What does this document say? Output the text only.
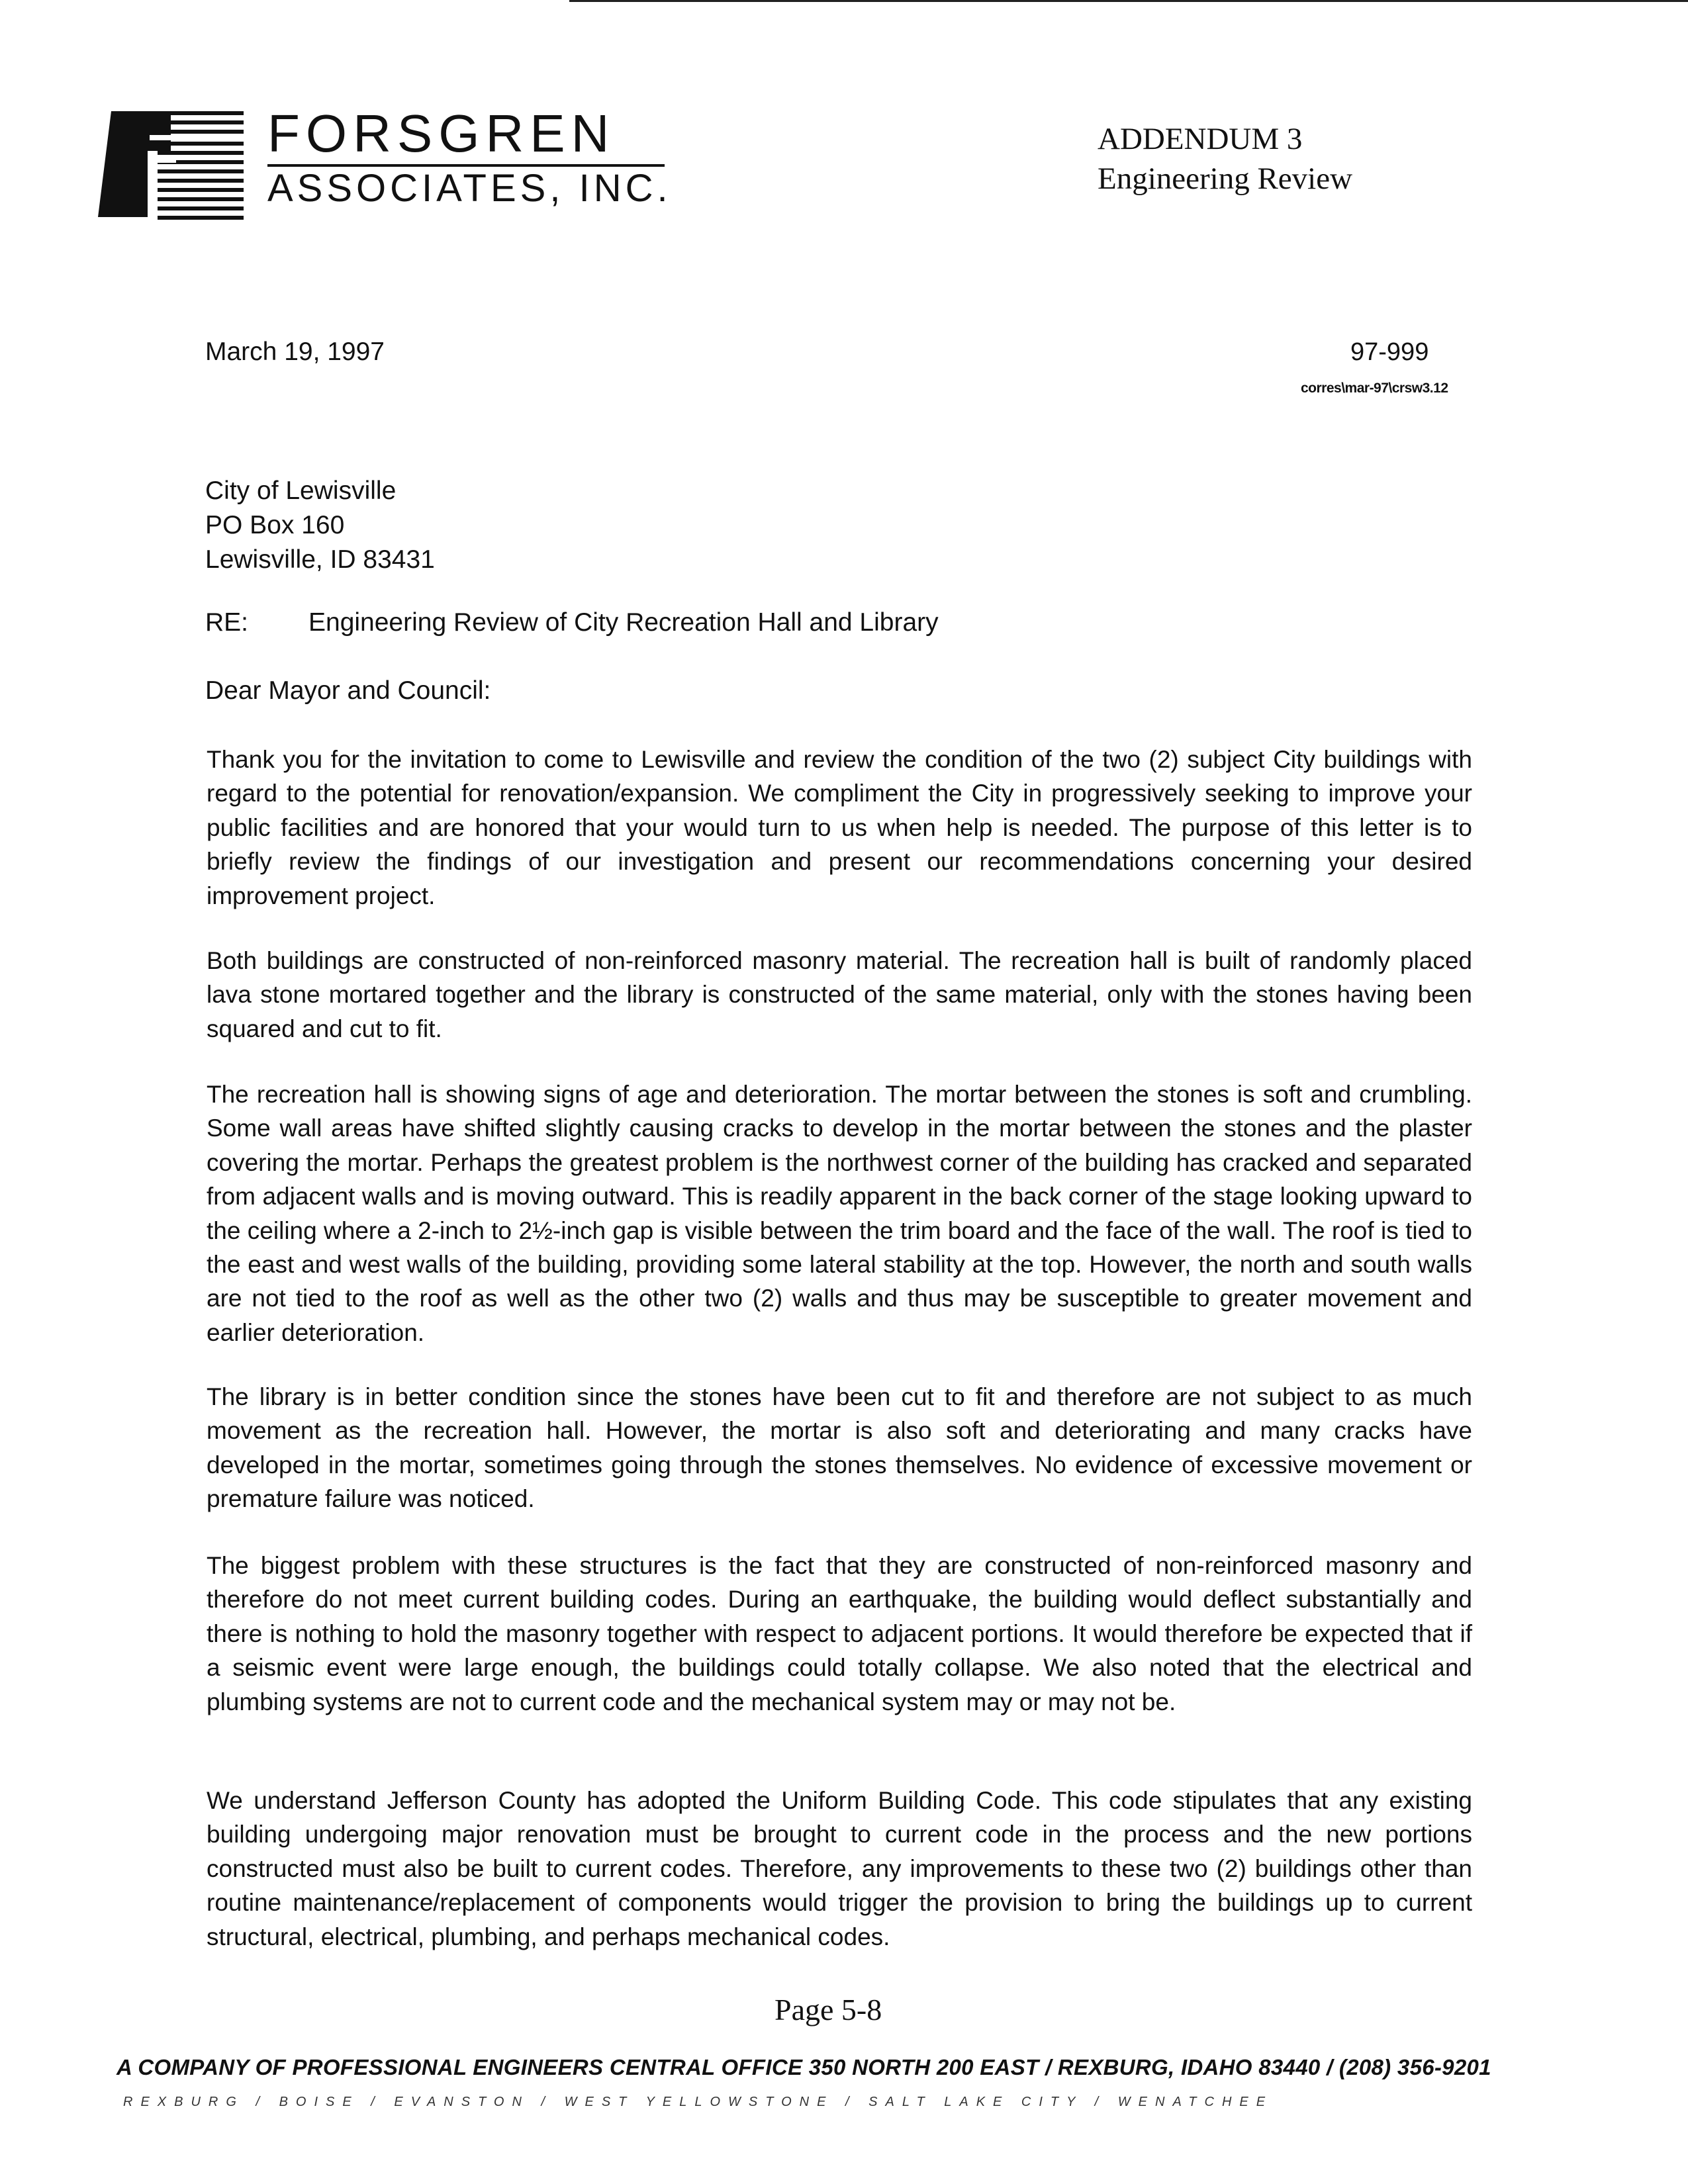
FORSGREN
ASSOCIATES, INC.
ADDENDUM 3
Engineering Review
March 19, 1997	97-999
corres\mar-97\crsw3.12
City of Lewisville
PO Box 160
Lewisville, ID 83431
RE: Engineering Review of City Recreation Hall and Library
Dear Mayor and Council:
Thank you for the invitation to come to Lewisville and review the condition of the two (2) subject City buildings with regard to the potential for renovation/expansion. We compliment the City in progressively seeking to improve your public facilities and are honored that your would turn to us when help is needed. The purpose of this letter is to briefly review the findings of our investigation and present our recommendations concerning your desired improvement project.
Both buildings are constructed of non-reinforced masonry material. The recreation hall is built of randomly placed lava stone mortared together and the library is constructed of the same material, only with the stones having been squared and cut to fit.
The recreation hall is showing signs of age and deterioration. The mortar between the stones is soft and crumbling. Some wall areas have shifted slightly causing cracks to develop in the mortar between the stones and the plaster covering the mortar. Perhaps the greatest problem is the northwest corner of the building has cracked and separated from adjacent walls and is moving outward. This is readily apparent in the back corner of the stage looking upward to the ceiling where a 2-inch to 2½-inch gap is visible between the trim board and the face of the wall. The roof is tied to the east and west walls of the building, providing some lateral stability at the top. However, the north and south walls are not tied to the roof as well as the other two (2) walls and thus may be susceptible to greater movement and earlier deterioration.
The library is in better condition since the stones have been cut to fit and therefore are not subject to as much movement as the recreation hall. However, the mortar is also soft and deteriorating and many cracks have developed in the mortar, sometimes going through the stones themselves. No evidence of excessive movement or premature failure was noticed.
The biggest problem with these structures is the fact that they are constructed of non-reinforced masonry and therefore do not meet current building codes. During an earthquake, the building would deflect substantially and there is nothing to hold the masonry together with respect to adjacent portions. It would therefore be expected that if a seismic event were large enough, the buildings could totally collapse. We also noted that the electrical and plumbing systems are not to current code and the mechanical system may or may not be.
We understand Jefferson County has adopted the Uniform Building Code. This code stipulates that any existing building undergoing major renovation must be brought to current code in the process and the new portions constructed must also be built to current codes. Therefore, any improvements to these two (2) buildings other than routine maintenance/replacement of components would trigger the provision to bring the buildings up to current structural, electrical, plumbing, and perhaps mechanical codes.
Page 5-8
A COMPANY OF PROFESSIONAL ENGINEERS CENTRAL OFFICE 350 NORTH 200 EAST / REXBURG, IDAHO 83440 / (208) 356-9201
REXBURG / BOISE / EVANSTON / WEST YELLOWSTONE / SALT LAKE CITY / WENATCHEE
